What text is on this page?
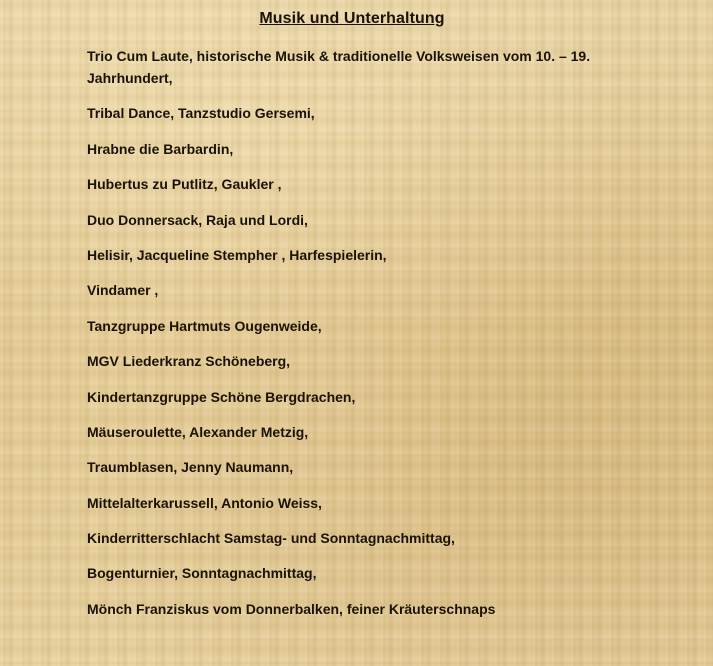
Musik und Unterhaltung
Trio Cum Laute, historische Musik & traditionelle Volksweisen vom 10. – 19. Jahrhundert,
Tribal Dance, Tanzstudio Gersemi,
Hrabne die Barbardin,
Hubertus zu Putlitz, Gaukler ,
Duo Donnersack, Raja und Lordi,
Helisir, Jacqueline Stempher , Harfespielerin,
Vindamer ,
Tanzgruppe Hartmuts Ougenweide,
MGV Liederkranz Schöneberg,
Kindertanzgruppe Schöne Bergdrachen,
Mäuseroulette, Alexander Metzig,
Traumblasen, Jenny Naumann,
Mittelalterkarussell, Antonio Weiss,
Kinderritterschlacht Samstag- und Sonntagnachmittag,
Bogenturnier, Sonntagnachmittag,
Mönch Franziskus vom Donnerbalken, feiner Kräuterschnaps
